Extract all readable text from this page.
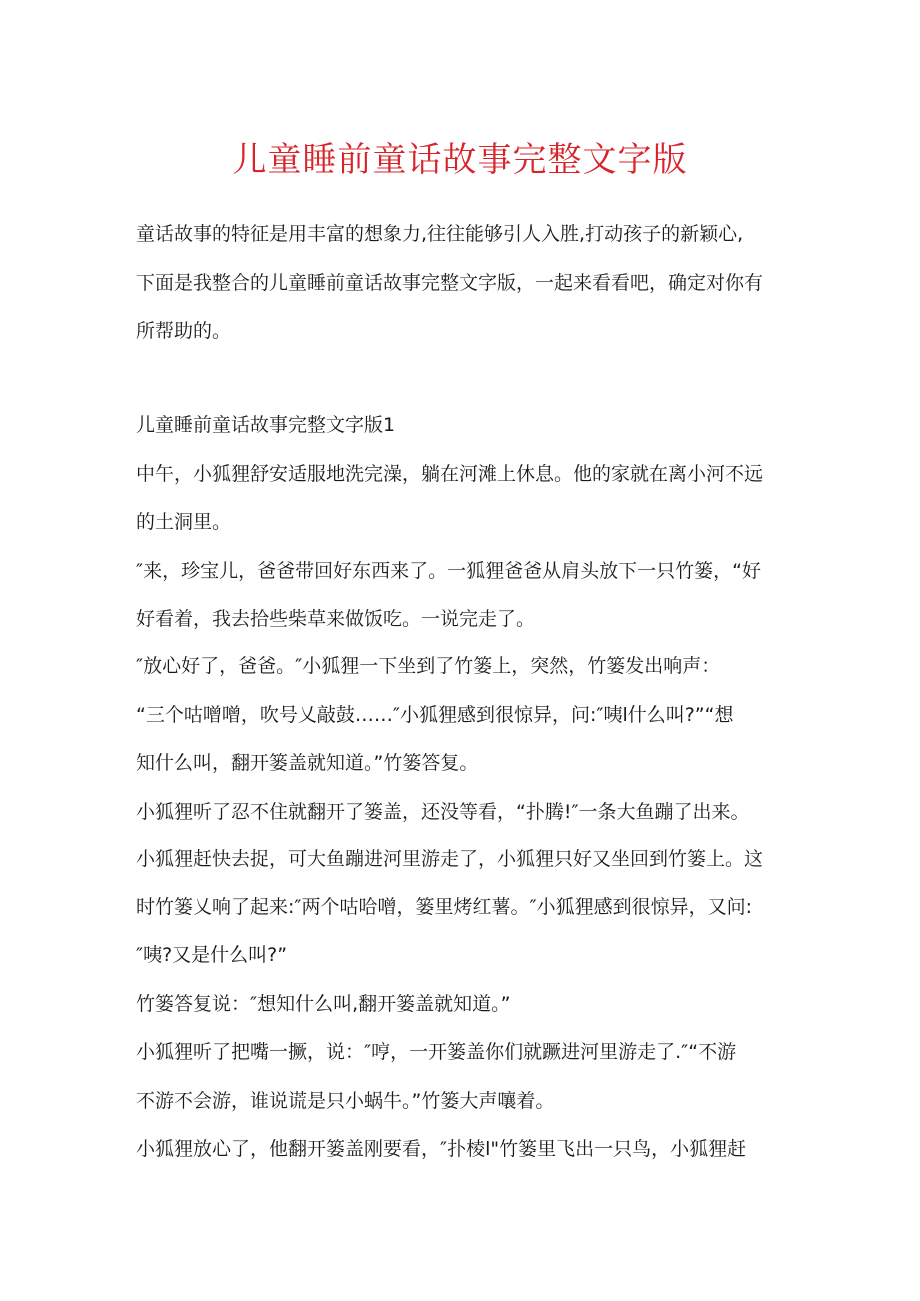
儿童睡前童话故事完整文字版
童话故事的特征是用丰富的想象力,往往能够引人入胜,打动孩子的新颖心,
下面是我整合的儿童睡前童话故事完整文字版，一起来看看吧，确定对你有
所帮助的。
儿童睡前童话故事完整文字版1
中午，小狐狸舒安适服地洗完澡，躺在河滩上休息。他的家就在离小河不远
的土洞里。
″来，珍宝儿，爸爸带回好东西来了。一狐狸爸爸从肩头放下一只竹篓，“好
好看着，我去拾些柴草来做饭吃。一说完走了。
″放心好了，爸爸。″小狐狸一下坐到了竹篓上，突然，竹篓发出响声：
“三个咕噌噌，吹号乂敲鼓……″小狐狸感到很惊异，问:″咦l什么叫?”“想
知什么叫，翻开篓盖就知道。”竹篓答复。
小狐狸听了忍不住就翻开了篓盖，还没等看，“扑腾!″一条大鱼蹦了出来。
小狐狸赶快去捉，可大鱼蹦进河里游走了，小狐狸只好又坐回到竹篓上。这
时竹篓乂响了起来:″两个咕哈噌，篓里烤红薯。″小狐狸感到很惊异，又问:
″咦?又是什么叫?”
竹篓答复说：″想知什么叫,翻开篓盖就知道。”
小狐狸听了把嘴一撅，说：″哼，一开篓盖你们就蹶进河里游走了.″“不游
不游不会游，谁说谎是只小蜗牛。”竹篓大声嚷着。
小狐狸放心了，他翻开篓盖刚要看，″扑棱l"竹篓里飞出一只鸟，小狐狸赶
